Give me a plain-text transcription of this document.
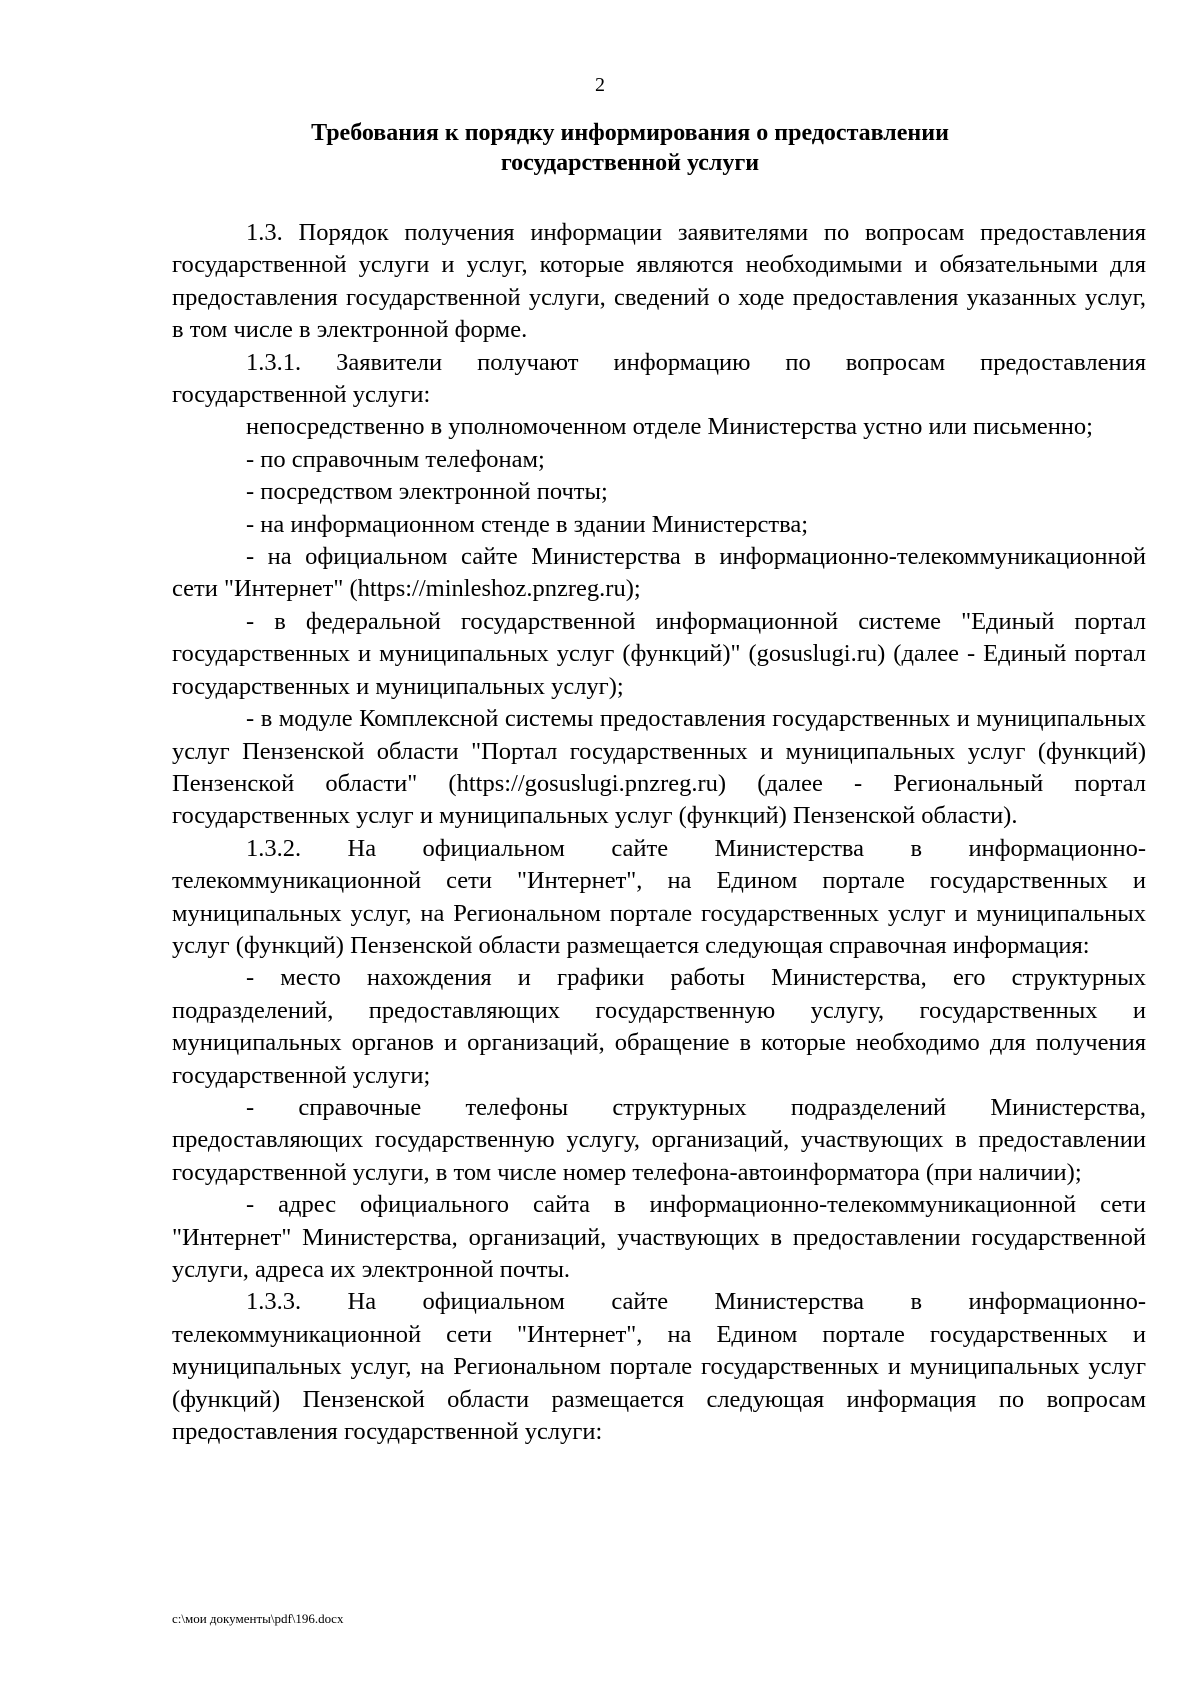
2
Требования к порядку информирования о предоставлении
государственной услуги

1.3. Порядок получения информации заявителями по вопросам предоставления государственной услуги и услуг, которые являются необходимыми и обязательными для предоставления государственной услуги, сведений о ходе предоставления указанных услуг, в том числе в электронной форме.

1.3.1. Заявители получают информацию по вопросам предоставления государственной услуги:

непосредственно в уполномоченном отделе Министерства устно или письменно;

- по справочным телефонам;

- посредством электронной почты;

- на информационном стенде в здании Министерства;

- на официальном сайте Министерства в информационно-телекоммуникационной сети "Интернет" (https://minleshoz.pnzreg.ru);

- в федеральной государственной информационной системе "Единый портал государственных и муниципальных услуг (функций)" (gosuslugi.ru) (далее - Единый портал государственных и муниципальных услуг);

- в модуле Комплексной системы предоставления государственных и муниципальных услуг Пензенской области "Портал государственных и муниципальных услуг (функций) Пензенской области" (https://gosuslugi.pnzreg.ru) (далее - Региональный портал государственных услуг и муниципальных услуг (функций) Пензенской области).

1.3.2. На официальном сайте Министерства в информационно-телекоммуникационной сети "Интернет", на Едином портале государственных и муниципальных услуг, на Региональном портале государственных услуг и муниципальных услуг (функций) Пензенской области размещается следующая справочная информация:

- место нахождения и графики работы Министерства, его структурных подразделений, предоставляющих государственную услугу, государственных и муниципальных органов и организаций, обращение в которые необходимо для получения государственной услуги;

- справочные телефоны структурных подразделений Министерства, предоставляющих государственную услугу, организаций, участвующих в предоставлении государственной услуги, в том числе номер телефона-автоинформатора (при наличии);

- адрес официального сайта в информационно-телекоммуникационной сети "Интернет" Министерства, организаций, участвующих в предоставлении государственной услуги, адреса их электронной почты.

1.3.3. На официальном сайте Министерства в информационно-телекоммуникационной сети "Интернет", на Едином портале государственных и муниципальных услуг, на Региональном портале государственных и муниципальных услуг (функций) Пензенской области размещается следующая информация по вопросам предоставления государственной услуги:

c:\мои документы\pdf\196.docx
